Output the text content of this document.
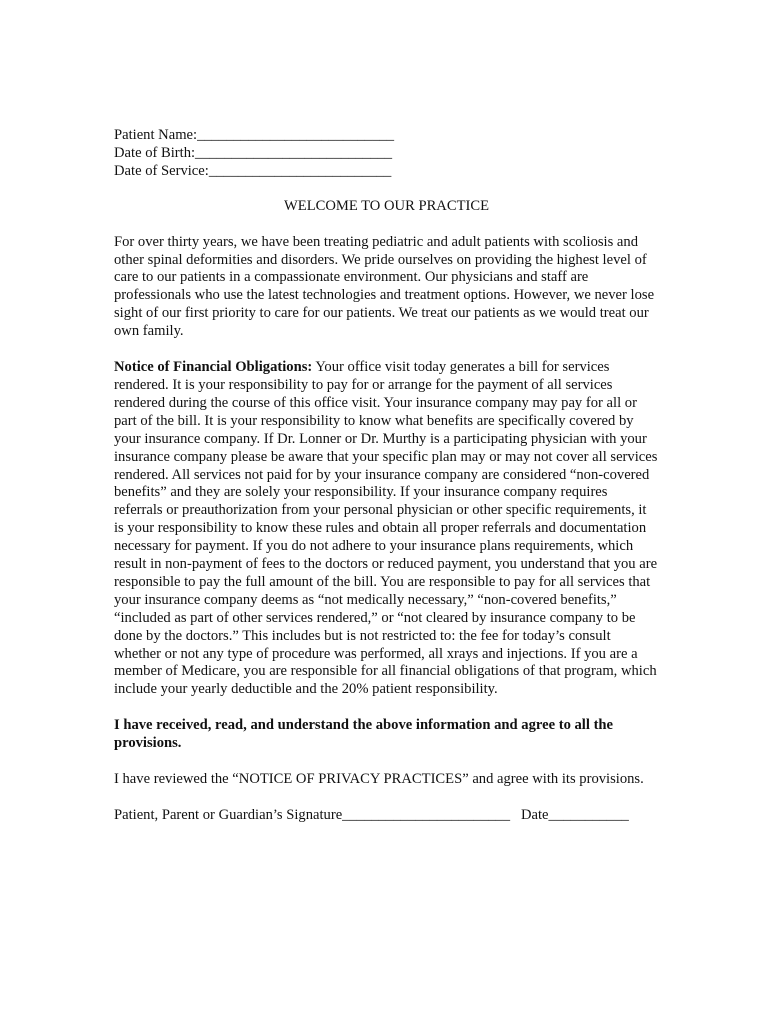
Patient Name:___________________________
Date of Birth:___________________________
Date of Service:_________________________
WELCOME TO OUR PRACTICE

For over thirty years, we have been treating pediatric and adult patients with scoliosis and other spinal deformities and disorders. We pride ourselves on providing the highest level of care to our patients in a compassionate environment. Our physicians and staff are professionals who use the latest technologies and treatment options. However, we never lose sight of our first priority to care for our patients. We treat our patients as we would treat our own family.

Notice of Financial Obligations: Your office visit today generates a bill for services rendered. It is your responsibility to pay for or arrange for the payment of all services rendered during the course of this office visit. Your insurance company may pay for all or part of the bill. It is your responsibility to know what benefits are specifically covered by your insurance company. If Dr. Lonner or Dr. Murthy is a participating physician with your insurance company please be aware that your specific plan may or may not cover all services rendered. All services not paid for by your insurance company are considered “non-covered benefits” and they are solely your responsibility. If your insurance company requires referrals or preauthorization from your personal physician or other specific requirements, it is your responsibility to know these rules and obtain all proper referrals and documentation necessary for payment. If you do not adhere to your insurance plans requirements, which result in non-payment of fees to the doctors or reduced payment, you understand that you are responsible to pay the full amount of the bill. You are responsible to pay for all services that your insurance company deems as “not medically necessary,” “non-covered benefits,” “included as part of other services rendered,” or “not cleared by insurance company to be done by the doctors.” This includes but is not restricted to: the fee for today’s consult whether or not any type of procedure was performed, all xrays and injections. If you are a member of Medicare, you are responsible for all financial obligations of that program, which include your yearly deductible and the 20% patient responsibility.

I have received, read, and understand the above information and agree to all the provisions.

I have reviewed the “NOTICE OF PRIVACY PRACTICES” and agree with its provisions.

Patient, Parent or Guardian’s Signature_______________________ Date___________
